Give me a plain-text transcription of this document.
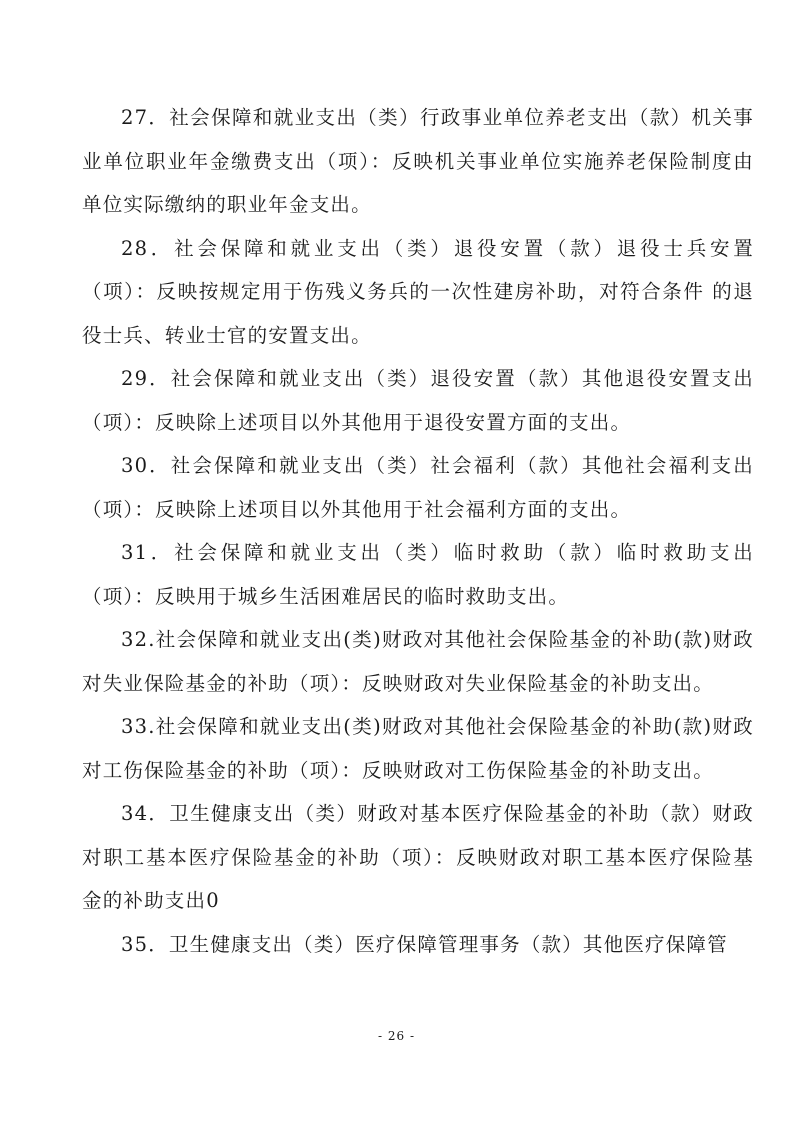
27．社会保障和就业支出（类）行政事业单位养老支出（款）机关事业单位职业年金缴费支出（项）：反映机关事业单位实施养老保险制度由单位实际缴纳的职业年金支出。

28．社会保障和就业支出（类）退役安置（款）退役士兵安置（项）：反映按规定用于伤残义务兵的一次性建房补助，对符合条件 的退役士兵、转业士官的安置支出。

29．社会保障和就业支出（类）退役安置（款）其他退役安置支出（项）：反映除上述项目以外其他用于退役安置方面的支出。

30．社会保障和就业支出（类）社会福利（款）其他社会福利支出（项）：反映除上述项目以外其他用于社会福利方面的支出。

31．社会保障和就业支出（类）临时救助（款）临时救助支出（项）：反映用于城乡生活困难居民的临时救助支出。

32.社会保障和就业支出(类)财政对其他社会保险基金的补助(款)财政对失业保险基金的补助（项）：反映财政对失业保险基金的补助支出。

33.社会保障和就业支出(类)财政对其他社会保险基金的补助(款)财政对工伤保险基金的补助（项）：反映财政对工伤保险基金的补助支出。

34．卫生健康支出（类）财政对基本医疗保险基金的补助（款）财政对职工基本医疗保险基金的补助（项）：反映财政对职工基本医疗保险基金的补助支出0

35．卫生健康支出（类）医疗保障管理事务（款）其他医疗保障管

- 26 -
